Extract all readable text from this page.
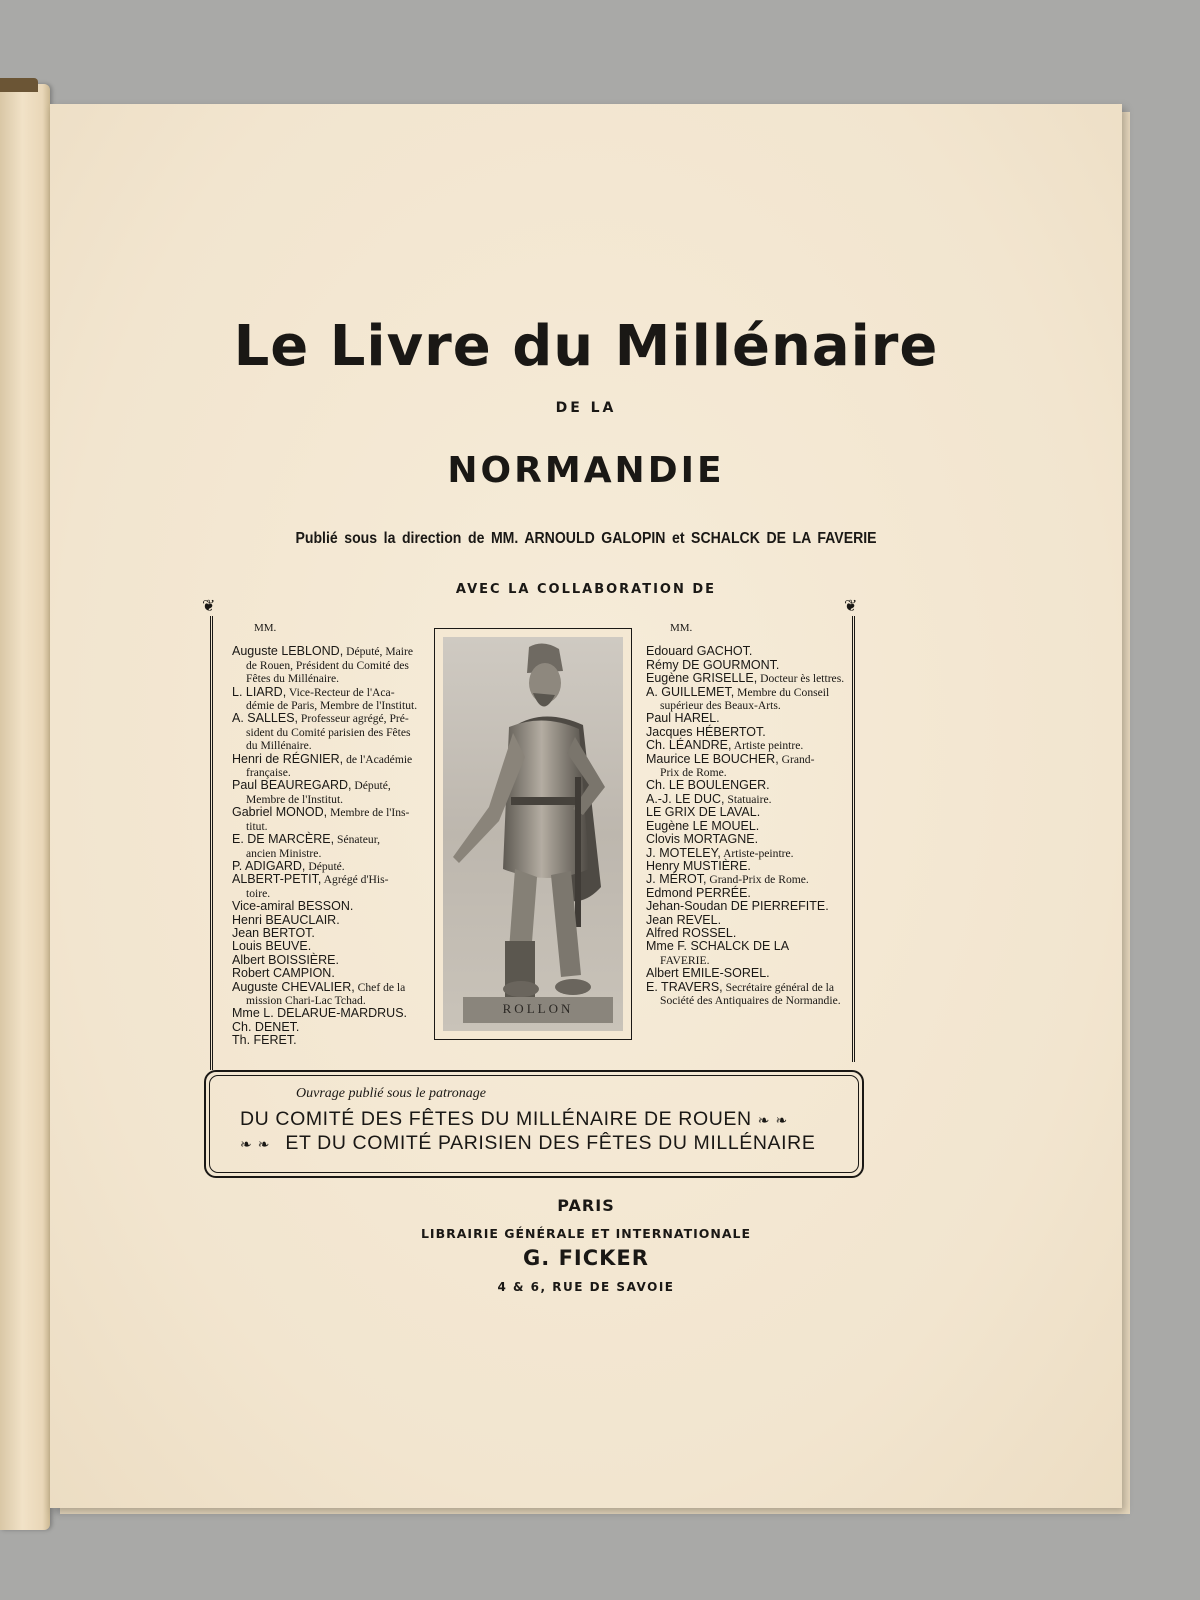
Le Livre du Millénaire
DE LA
NORMANDIE
Publié sous la direction de MM. ARNOULD GALOPIN et SCHALCK DE LA FAVERIE
AVEC LA COLLABORATION DE
❦	❦
MM.
Auguste LEBLOND, Député, Maire
de Rouen, Président du Comité des
Fêtes du Millénaire.
L. LIARD, Vice-Recteur de l'Aca-
démie de Paris, Membre de l'Institut.
A. SALLES, Professeur agrégé, Pré-
sident du Comité parisien des Fêtes
du Millénaire.
Henri de RÉGNIER, de l'Académie
française.
Paul BEAUREGARD, Député,
Membre de l'Institut.
Gabriel MONOD, Membre de l'Ins-
titut.
E. DE MARCÈRE, Sénateur,
ancien Ministre.
P. ADIGARD, Député.
ALBERT-PETIT, Agrégé d'His-
toire.
Vice-amiral BESSON.
Henri BEAUCLAIR.
Jean BERTOT.
Louis BEUVE.
Albert BOISSIÈRE.
Robert CAMPION.
Auguste CHEVALIER, Chef de la
mission Chari-Lac Tchad.
Mme L. DELARUE-MARDRUS.
Ch. DENET.
Th. FERET.
ROLLON
MM.
Edouard GACHOT.
Rémy DE GOURMONT.
Eugène GRISELLE, Docteur ès lettres.
A. GUILLEMET, Membre du Conseil
supérieur des Beaux-Arts.
Paul HAREL.
Jacques HÉBERTOT.
Ch. LÉANDRE, Artiste peintre.
Maurice LE BOUCHER, Grand-
Prix de Rome.
Ch. LE BOULENGER.
A.-J. LE DUC, Statuaire.
LE GRIX DE LAVAL.
Eugène LE MOUEL.
Clovis MORTAGNE.
J. MOTELEY, Artiste-peintre.
Henry MUSTIÈRE.
J. MÉROT, Grand-Prix de Rome.
Edmond PERRÉE.
Jehan-Soudan DE PIERREFITE.
Jean REVEL.
Alfred ROSSEL.
Mme F. SCHALCK DE LA
FAVERIE.
Albert EMILE-SOREL.
E. TRAVERS, Secrétaire général de la
Société des Antiquaires de Normandie.
Ouvrage publié sous le patronage
DU COMITÉ DES FÊTES DU MILLÉNAIRE DE ROUEN ❧❧
❧❧ ET DU COMITÉ PARISIEN DES FÊTES DU MILLÉNAIRE
PARIS
LIBRAIRIE GÉNÉRALE ET INTERNATIONALE
G. FICKER
4 & 6, RUE DE SAVOIE
